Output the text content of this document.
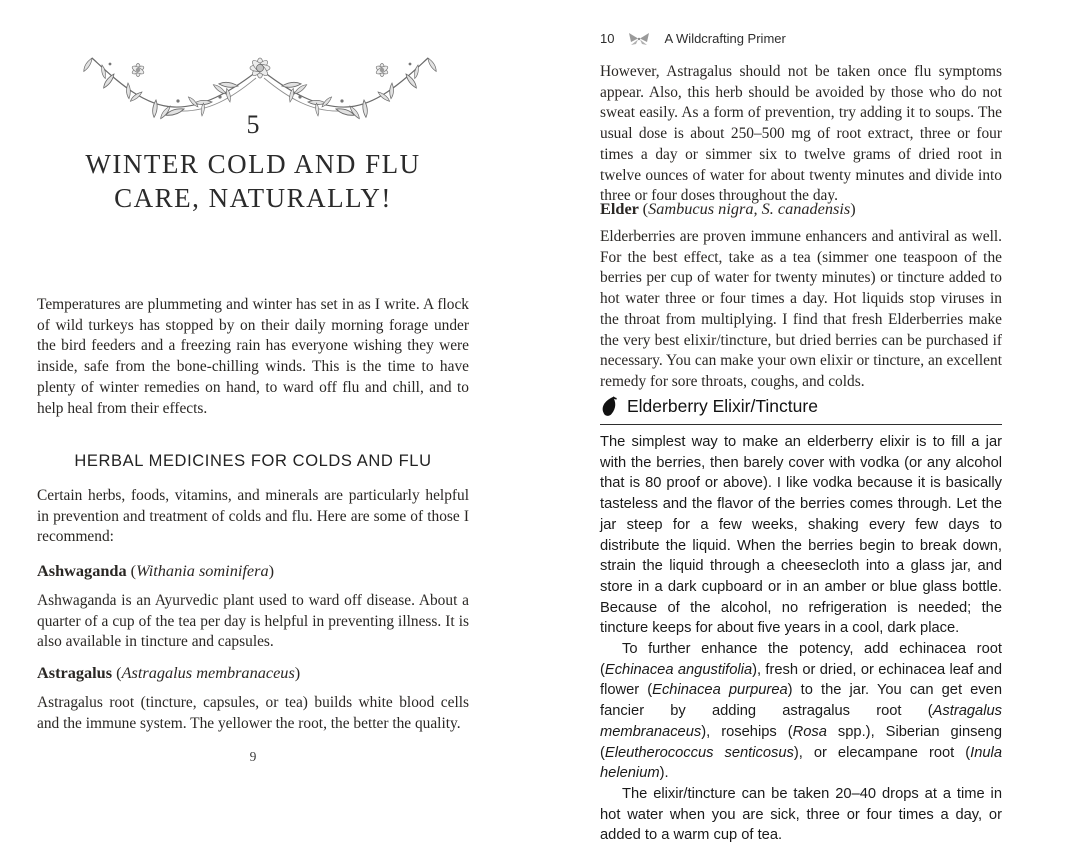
5
WINTER COLD AND FLU
CARE, NATURALLY!

Temperatures are plummeting and winter has set in as I write. A flock of wild turkeys has stopped by on their daily morning forage under the bird feeders and a freezing rain has everyone wishing they were inside, safe from the bone-chilling winds. This is the time to have plenty of winter remedies on hand, to ward off flu and chill, and to help heal from their effects.

HERBAL MEDICINES FOR COLDS AND FLU

Certain herbs, foods, vitamins, and minerals are particularly helpful in prevention and treatment of colds and flu. Here are some of those I recommend:

Ashwaganda (Withania sominifera)

Ashwaganda is an Ayurvedic plant used to ward off disease. About a quarter of a cup of the tea per day is helpful in preventing illness. It is also available in tincture and capsules.

Astragalus (Astragalus membranaceus)

Astragalus root (tincture, capsules, or tea) builds white blood cells and the immune system. The yellower the root, the better the quality.

9
10	A Wildcrafting Primer

However, Astragalus should not be taken once flu symptoms appear. Also, this herb should be avoided by those who do not sweat easily. As a form of prevention, try adding it to soups. The usual dose is about 250–500 mg of root extract, three or four times a day or simmer six to twelve grams of dried root in twelve ounces of water for about twenty minutes and divide into three or four doses throughout the day.

Elder (Sambucus nigra, S. canadensis)

Elderberries are proven immune enhancers and antiviral as well. For the best effect, take as a tea (simmer one teaspoon of the berries per cup of water for twenty minutes) or tincture added to hot water three or four times a day. Hot liquids stop viruses in the throat from multiplying. I find that fresh Elderberries make the very best elixir/tincture, but dried berries can be purchased if necessary. You can make your own elixir or tincture, an excellent remedy for sore throats, coughs, and colds.

Elderberry Elixir/Tincture

The simplest way to make an elderberry elixir is to fill a jar with the berries, then barely cover with vodka (or any alcohol that is 80 proof or above). I like vodka because it is basically tasteless and the flavor of the berries comes through. Let the jar steep for a few weeks, shaking every few days to distribute the liquid. When the berries begin to break down, strain the liquid through a cheesecloth into a glass jar, and store in a dark cupboard or in an amber or blue glass bottle. Because of the alcohol, no refrigeration is needed; the tincture keeps for about five years in a cool, dark place.

To further enhance the potency, add echinacea root (Echinacea angustifolia), fresh or dried, or echinacea leaf and flower (Echinacea purpurea) to the jar. You can get even fancier by adding astragalus root (Astragalus membranaceus), rosehips (Rosa spp.), Siberian ginseng (Eleutherococcus senticosus), or elecampane root (Inula helenium).

The elixir/tincture can be taken 20–40 drops at a time in hot water when you are sick, three or four times a day, or added to a warm cup of tea.
